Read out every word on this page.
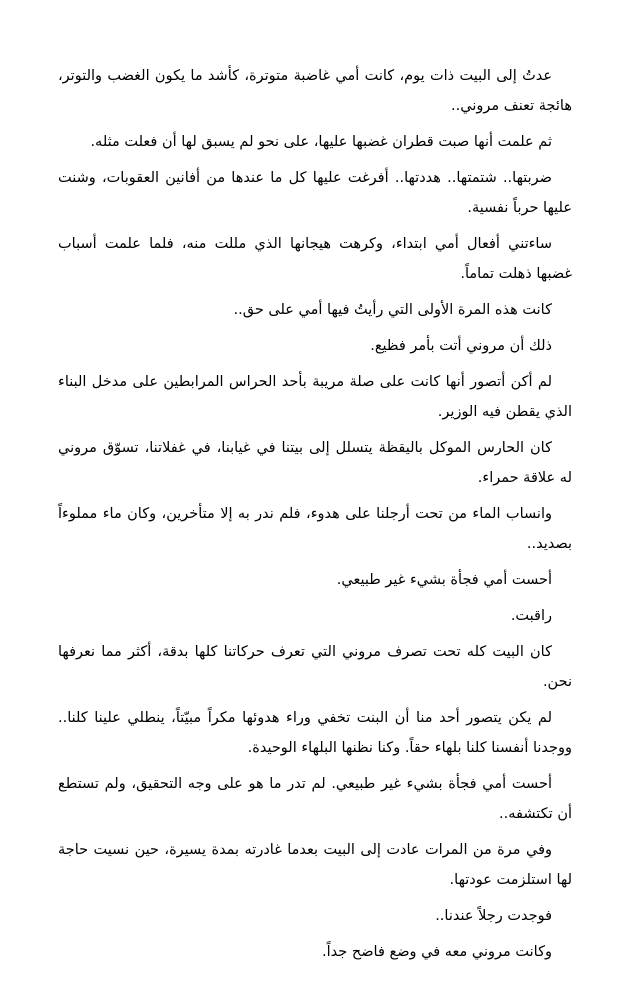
عدتُ إلى البيت ذات يوم، كانت أمي غاضبة متوترة، كأشد ما يكون الغضب والتوتر، هائجة تعنف مروني..

ثم علمت أنها صبت قطران غضبها عليها، على نحو لم يسبق لها أن فعلت مثله.

ضربتها.. شتمتها.. هددتها.. أفرغت عليها كل ما عندها من أفانين العقوبات، وشنت عليها حرباً نفسية.

ساءتني أفعال أمي ابتداء، وكرهت هيجانها الذي مللت منه، فلما علمت أسباب غضبها ذهلت تماماً.

كانت هذه المرة الأولى التي رأيتُ فيها أمي على حق..

ذلك أن مروني أتت بأمر فظيع.

لم أكن أتصور أنها كانت على صلة مريبة بأحد الحراس المرابطين على مدخل البناء الذي يقطن فيه الوزير.

كان الحارس الموكل باليقظة يتسلل إلى بيتنا في غيابنا، في غفلاتنا، تسوّق مروني له علاقة حمراء.

وانساب الماء من تحت أرجلنا على هدوء، فلم ندر به إلا متأخرين، وكان ماء مملوءاً بصديد..

أحست أمي فجأة بشيء غير طبيعي.

راقبت.

كان البيت كله تحت تصرف مروني التي تعرف حركاتنا كلها بدقة، أكثر مما نعرفها نحن.

لم يكن يتصور أحد منا أن البنت تخفي وراء هدوئها مكراً مبيّتاً، ينطلي علينا كلنا.. ووجدنا أنفسنا كلنا بلهاء حقاً. وكنا نظنها البلهاء الوحيدة.

أحست أمي فجأة بشيء غير طبيعي. لم تدر ما هو على وجه التحقيق، ولم تستطع أن تكتشفه..

وفي مرة من المرات عادت إلى البيت بعدما غادرته بمدة يسيرة، حين نسيت حاجة لها استلزمت عودتها.

فوجدت رجلاً عندنا..

وكانت مروني معه في وضع فاضح جداً.
